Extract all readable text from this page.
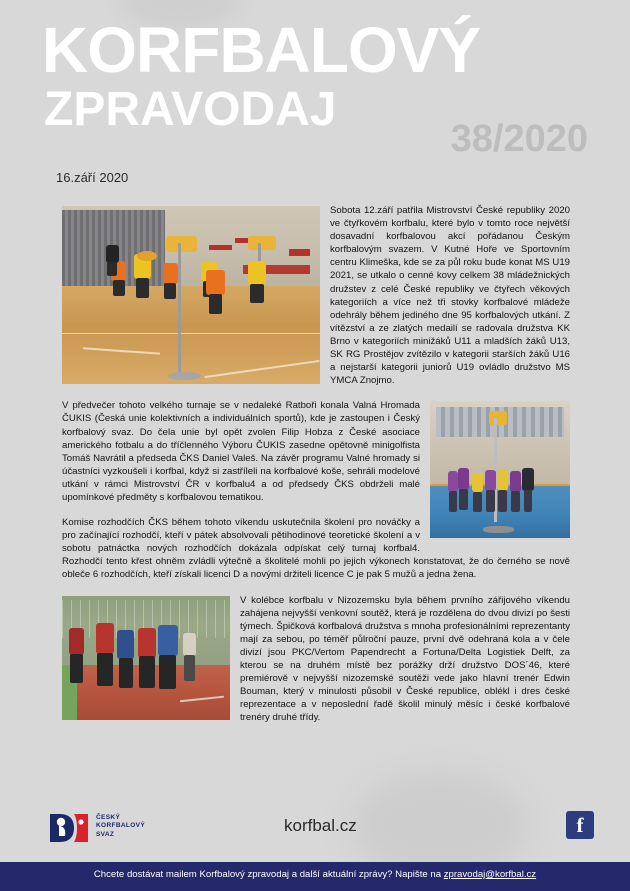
KORFBALOVÝ
ZPRAVODAJ
38/2020
16.září 2020

Sobota 12.září patřila Mistrovství České republiky 2020 ve čtyřkovém korfbalu, které bylo v tomto roce největší dosavadní korfbalovou akcí pořádanou Českým korfbalovým svazem. V Kutné Hoře ve Sportovním centru Klimeška, kde se za půl roku bude konat MS U19 2021, se utkalo o cenné kovy celkem 38 mládežnických družstev z celé České republiky ve čtyřech věkových kategoriích a více než tři stovky korfbalové mládeže odehrály během jediného dne 95 korfbalových utkání. Z vítězství a ze zlatých medailí se radovala družstva KK Brno v kategoriích minižáků U11 a mladších žáků U13, SK RG Prostějov zvítězilo v kategorii starších žáků U16 a nejstarší kategorii juniorů U19 ovládlo družstvo MS YMCA Znojmo.

V předvečer tohoto velkého turnaje se v nedaleké Ratboři konala Valná Hromada ČUKIS (Česká unie kolektivních a individuálních sportů), kde je zastoupen i Český korfbalový svaz. Do čela unie byl opět zvolen Filip Hobza z České asociace amerického fotbalu a do tříčlenného Výboru ČUKIS zasedne opětovně minigolfista Tomáš Navrátil a předseda ČKS Daniel Valeš. Na závěr programu Valné hromady si účastníci vyzkoušeli i korfbal, když si zastříleli na korfbalové koše, sehráli modelové utkání v rámci Mistrovství ČR v korfbalu4 a od předsedy ČKS obdrželi malé upomínkové předměty s korfbalovou tematikou.

Komise rozhodčích ČKS během tohoto víkendu uskutečnila školení pro nováčky a pro začínající rozhodčí, kteří v pátek absolvovali pětihodinové teoretické školení a v sobotu patnáctka nových rozhodčích dokázala odpískat celý turnaj korfbal4. Rozhodčí tento křest ohněm zvládli výtečně a školitelé mohli po jejich výkonech konstatovat, že do černého se nově obleče 6 rozhodčích, kteří získali licenci D a novými držiteli licence C je pak 5 mužů a jedna žena.

V kolébce korfbalu v Nizozemsku byla během prvního zářijového víkendu zahájena nejvyšší venkovní soutěž, která je rozdělena do dvou divizí po šesti týmech. Špičková korfbalová družstva s mnoha profesionálními reprezentanty mají za sebou, po téměř půlroční pauze, první dvě odehraná kola a v čele divizí jsou PKC/Vertom Papendrecht a Fortuna/Delta Logistiek Delft, za kterou se na druhém místě bez porážky drží družstvo DOS´46, které premiérově v nejvyšší nizozemské soutěži vede jako hlavní trenér Edwin Bouman, který v minulosti působil v České republice, oblékl i dres české reprezentace a v neposlední řadě školil minulý měsíc i české korfbalové trenéry druhé třídy.

ČESKÝ
KORFBALOVÝ
SVAZ	korfbal.cz	f
Chcete dostávat mailem Korfbalový zpravodaj a další aktuální zprávy? Napište na zpravodaj@korfbal.cz
